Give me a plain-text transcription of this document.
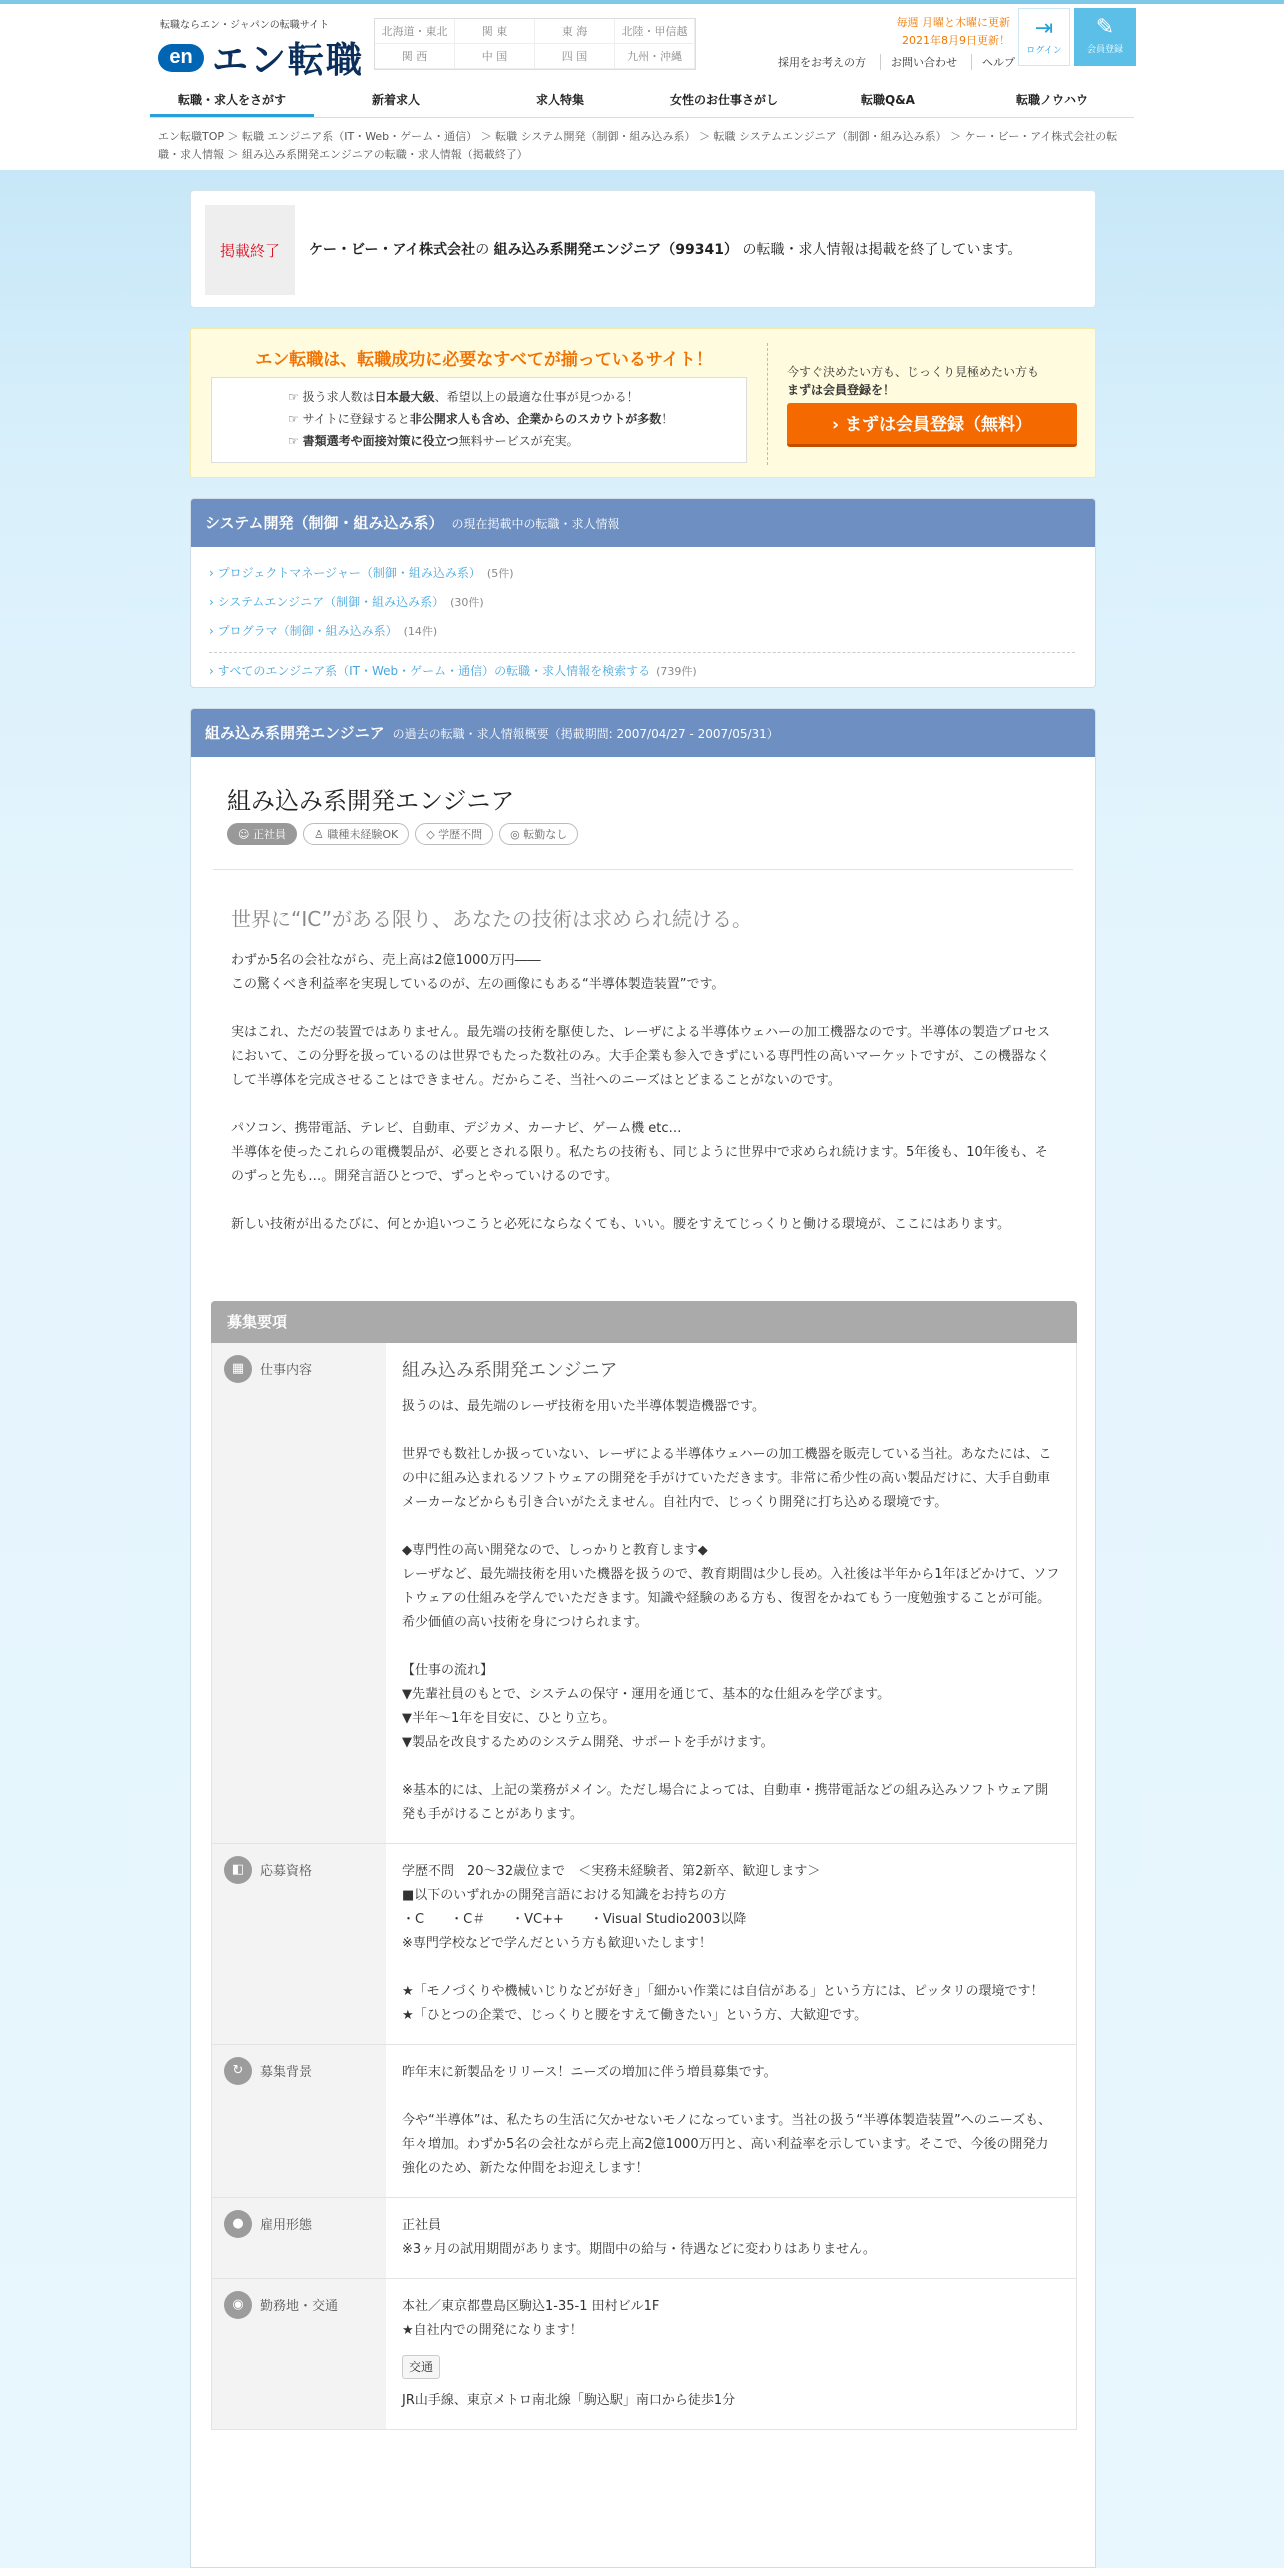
転職ならエン・ジャパンの転職サイト
en エン転職
北海道・東北	関 東	東 海	北陸・甲信越
関 西	中 国	四 国	九州・沖縄
毎週 月曜と木曜に更新
2021年8月9日更新！
採用をお考えの方	お問い合わせ	ヘルプ
⇥
ログイン
✎
会員登録
転職・求人をさがす	新着求人	求人特集	女性のお仕事さがし	転職Q&A	転職ノウハウ
エン転職TOP ＞ 転職 エンジニア系（IT・Web・ゲーム・通信） ＞ 転職 システム開発（制御・組み込み系） ＞ 転職 システムエンジニア（制御・組み込み系） ＞ ケー・ビー・アイ株式会社の転職・求人情報 ＞ 組み込み系開発エンジニアの転職・求人情報（掲載終了）
掲載終了	ケー・ビー・アイ株式会社の 組み込み系開発エンジニア（99341） の転職・求人情報は掲載を終了しています。
エン転職は、転職成功に必要なすべてが揃っているサイト！
☞ 扱う求人数は日本最大級、希望以上の最適な仕事が見つかる！
☞ サイトに登録すると非公開求人も含め、企業からのスカウトが多数！
☞ 書類選考や面接対策に役立つ無料サービスが充実。
今すぐ決めたい方も、じっくり見極めたい方も
まずは会員登録を！
› まずは会員登録（無料）
システム開発（制御・組み込み系） の現在掲載中の転職・求人情報
› プロジェクトマネージャー（制御・組み込み系） (5件)
› システムエンジニア（制御・組み込み系） (30件)
› プログラマ（制御・組み込み系） (14件)
› すべてのエンジニア系（IT・Web・ゲーム・通信）の転職・求人情報を検索する (739件)
組み込み系開発エンジニア の過去の転職・求人情報概要（掲載期間: 2007/04/27 - 2007/05/31）
組み込み系開発エンジニア
☺ 正社員	♙ 職種未経験OK	◇ 学歴不問	◎ 転勤なし
世界に“IC”がある限り、あなたの技術は求められ続ける。

わずか5名の会社ながら、売上高は2億1000万円――
この驚くべき利益率を実現しているのが、左の画像にもある“半導体製造装置”です。

実はこれ、ただの装置ではありません。最先端の技術を駆使した、レーザによる半導体ウェハーの加工機器なのです。半導体の製造プロセスにおいて、この分野を扱っているのは世界でもたった数社のみ。大手企業も参入できずにいる専門性の高いマーケットですが、この機器なくして半導体を完成させることはできません。だからこそ、当社へのニーズはとどまることがないのです。

パソコン、携帯電話、テレビ、自動車、デジカメ、カーナビ、ゲーム機 etc…
半導体を使ったこれらの電機製品が、必要とされる限り。私たちの技術も、同じように世界中で求められ続けます。5年後も、10年後も、そのずっと先も…。開発言語ひとつで、ずっとやっていけるのです。

新しい技術が出るたびに、何とか追いつこうと必死にならなくても、いい。腰をすえてじっくりと働ける環境が、ここにはあります。

募集要項
▦	仕事内容	組み込み系開発エンジニア

扱うのは、最先端のレーザ技術を用いた半導体製造機器です。

世界でも数社しか扱っていない、レーザによる半導体ウェハーの加工機器を販売している当社。あなたには、この中に組み込まれるソフトウェアの開発を手がけていただきます。非常に希少性の高い製品だけに、大手自動車メーカーなどからも引き合いがたえません。自社内で、じっくり開発に打ち込める環境です。

◆専門性の高い開発なので、しっかりと教育します◆
レーザなど、最先端技術を用いた機器を扱うので、教育期間は少し長め。入社後は半年から1年ほどかけて、ソフトウェアの仕組みを学んでいただきます。知識や経験のある方も、復習をかねてもう一度勉強することが可能。希少価値の高い技術を身につけられます。

【仕事の流れ】
▼先輩社員のもとで、システムの保守・運用を通じて、基本的な仕組みを学びます。
▼半年～1年を目安に、ひとり立ち。
▼製品を改良するためのシステム開発、サポートを手がけます。

※基本的には、上記の業務がメイン。ただし場合によっては、自動車・携帯電話などの組み込みソフトウェア開発も手がけることがあります。

◧	応募資格	学歴不問　20～32歳位まで　＜実務未経験者、第2新卒、歓迎します＞
■以下のいずれかの開発言語における知識をお持ちの方
・C　　・C＃　　・VC++　　・Visual Studio2003以降
※専門学校などで学んだという方も歓迎いたします！

★「モノづくりや機械いじりなどが好き」「細かい作業には自信がある」という方には、ピッタリの環境です！
★「ひとつの企業で、じっくりと腰をすえて働きたい」という方、大歓迎です。

↻	募集背景	昨年末に新製品をリリース！ニーズの増加に伴う増員募集です。

今や“半導体”は、私たちの生活に欠かせないモノになっています。当社の扱う“半導体製造装置”へのニーズも、年々増加。わずか5名の会社ながら売上高2億1000万円と、高い利益率を示しています。そこで、今後の開発力強化のため、新たな仲間をお迎えします！

●	雇用形態	正社員
※3ヶ月の試用期間があります。期間中の給与・待遇などに変わりはありません。

◉	勤務地・交通	本社／東京都豊島区駒込1-35-1 田村ビル1F
★自社内での開発になります！

交通
JR山手線、東京メトロ南北線「駒込駅」南口から徒歩1分
